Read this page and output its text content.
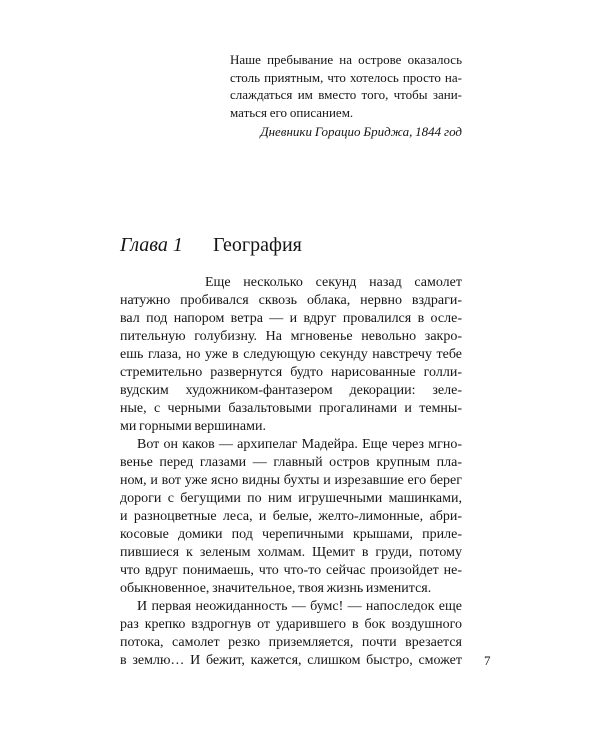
Наше пребывание на острове оказалось
столь приятным, что хотелось просто на-
слаждаться им вместо того, чтобы зани-
маться его описанием.
Дневники Горацио Бриджа, 1844 год
Глава 1 География
Еще несколько секунд назад самолет
натужно пробивался сквозь облака, нервно вздраги-
вал под напором ветра — и вдруг провалился в осле-
пительную голубизну. На мгновенье невольно закро-
ешь глаза, но уже в следующую секунду навстречу тебе
стремительно развернутся будто нарисованные голли-
вудским художником-фантазером декорации: зеле-
ные, с черными базальтовыми прогалинами и темны-
ми горными вершинами.
Вот он каков — архипелаг Мадейра. Еще через мгно-
венье перед глазами — главный остров крупным пла-
ном, и вот уже ясно видны бухты и изрезавшие его берег
дороги с бегущими по ним игрушечными машинками,
и разноцветные леса, и белые, желто-лимонные, абри-
косовые домики под черепичными крышами, приле-
пившиеся к зеленым холмам. Щемит в груди, потому
что вдруг понимаешь, что что-то сейчас произойдет не-
обыкновенное, значительное, твоя жизнь изменится.
И первая неожиданность — бумс! — напоследок еще
раз крепко вздрогнув от ударившего в бок воздушного
потока, самолет резко приземляется, почти врезается
в землю… И бежит, кажется, слишком быстро, сможет 7
